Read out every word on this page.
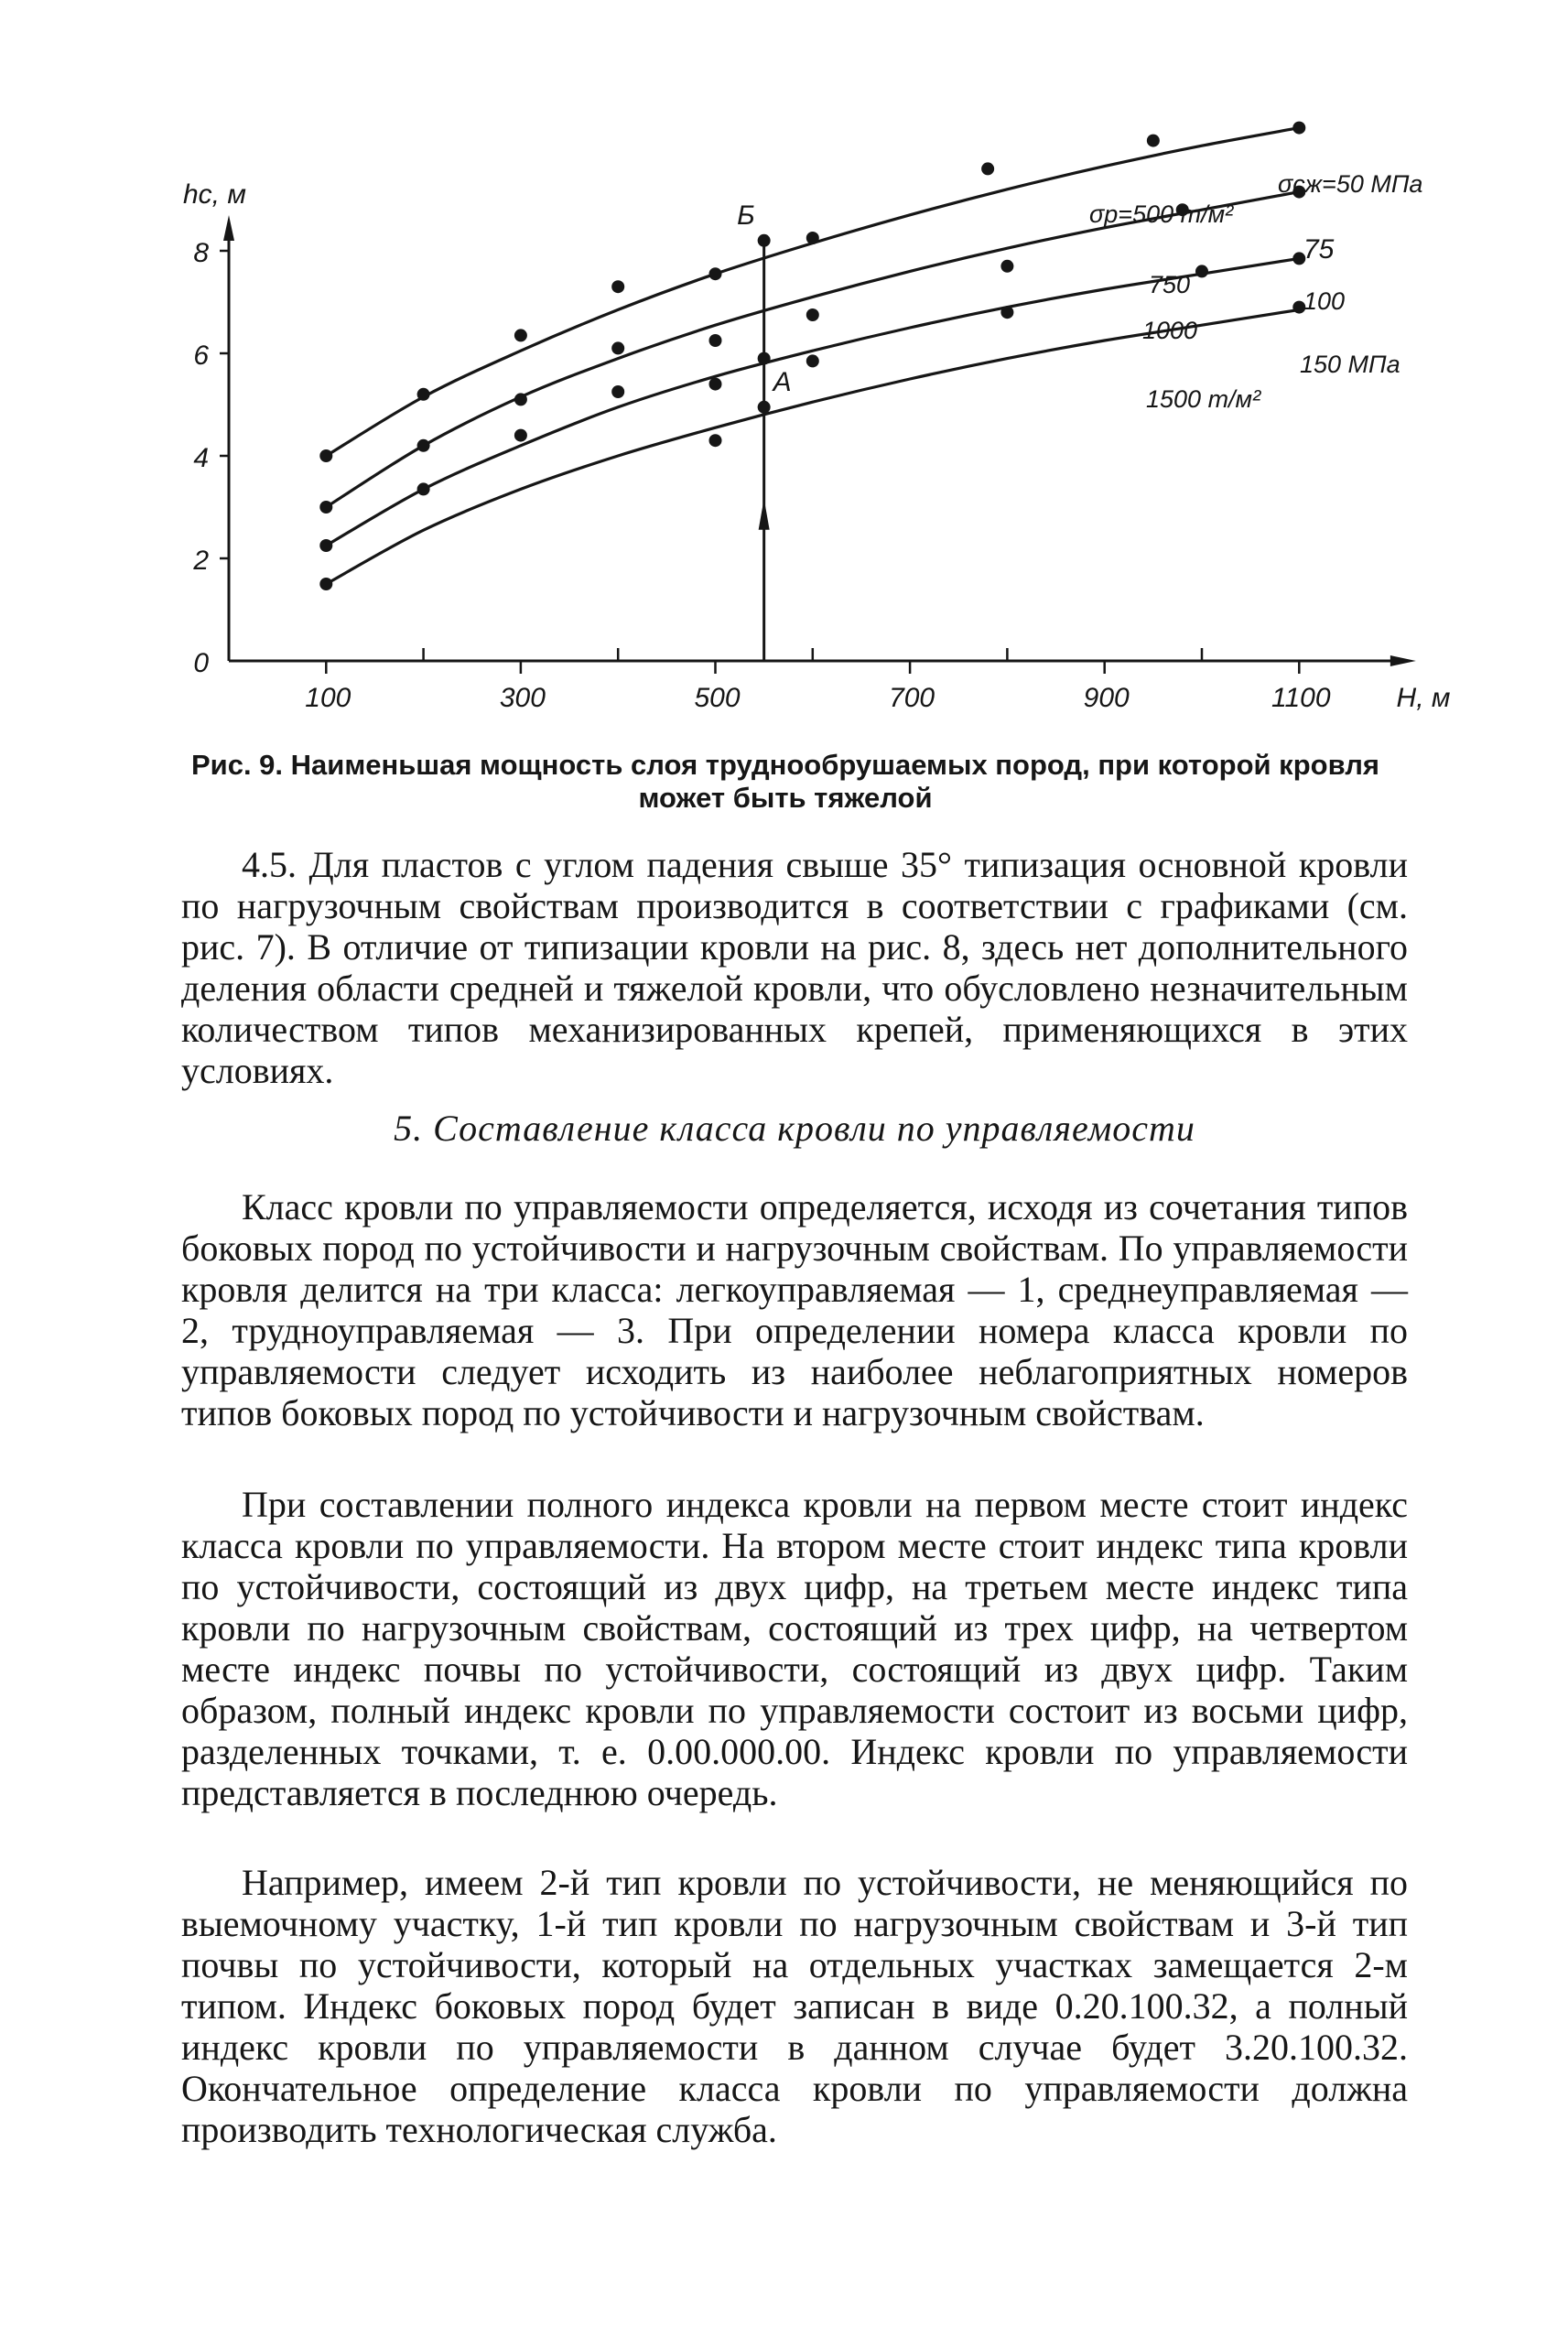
0
2
4
6
8
hc, м
100	300	500	700	900	1100 H, м
σсж=50 МПа
σр=500 т/м²
75
750
100
1000
150 МПа
1500 т/м²
Б
А
Рис. 9. Наименьшая мощность слоя труднообрушаемых пород, при которой кровля может быть тяжелой

4.5. Для пластов с углом падения свыше 35° типизация основной кровли по нагрузочным свойствам производится в соответствии с графиками (см. рис. 7). В отличие от типизации кровли на рис. 8, здесь нет дополнительного деления области средней и тяжелой кровли, что обусловлено незначительным количеством типов механизированных крепей, применяющихся в этих условиях.

5. Составление класса кровли по управляемости

Класс кровли по управляемости определяется, исходя из сочетания типов боковых пород по устойчивости и нагрузочным свойствам. По управляемости кровля делится на три класса: легкоуправляемая — 1, среднеуправляемая — 2, трудноуправляемая — 3. При определении номера класса кровли по управляемости следует исходить из наиболее неблагоприятных номеров типов боковых пород по устойчивости и нагрузочным свойствам.

При составлении полного индекса кровли на первом месте стоит индекс класса кровли по управляемости. На втором месте стоит индекс типа кровли по устойчивости, состоящий из двух цифр, на третьем месте индекс типа кровли по нагрузочным свойствам, состоящий из трех цифр, на четвертом месте индекс почвы по устойчивости, состоящий из двух цифр. Таким образом, полный индекс кровли по управляемости состоит из восьми цифр, разделенных точками, т. е. 0.00.000.00. Индекс кровли по управляемости представляется в последнюю очередь.

Например, имеем 2-й тип кровли по устойчивости, не меняющийся по выемочному участку, 1-й тип кровли по нагрузочным свойствам и 3-й тип почвы по устойчивости, который на отдельных участках замещается 2-м типом. Индекс боковых пород будет записан в виде 0.20.100.32, а полный индекс кровли по управляемости в данном случае будет 3.20.100.32. Окончательное определение класса кровли по управляемости должна производить технологическая служба.
